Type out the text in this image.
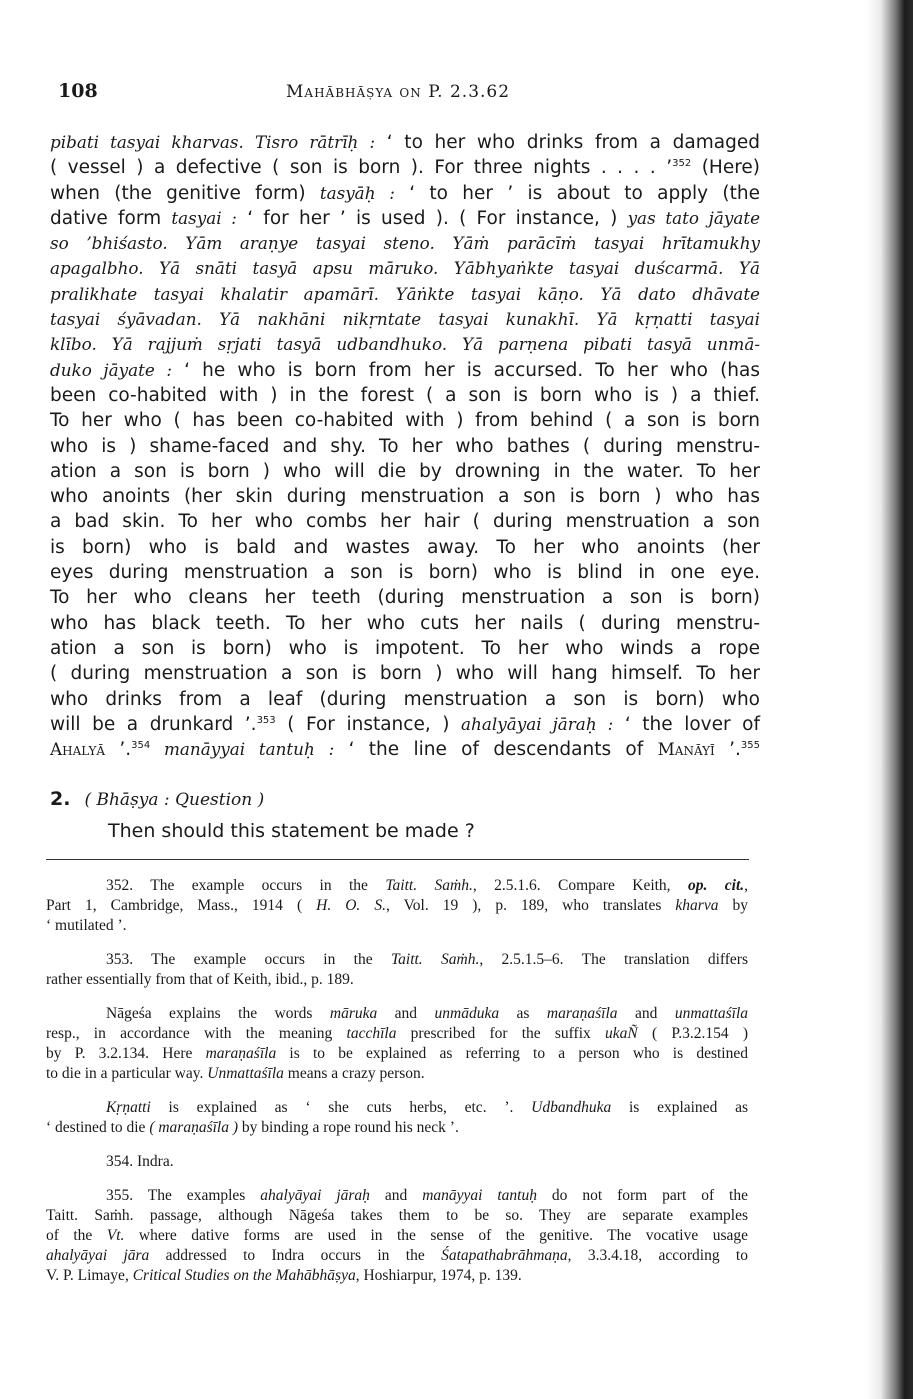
108	Mahābhāṣya on P. 2.3.62
pibati tasyai kharvas. Tisro rātrīḥ : ‘ to her who drinks from a damaged
( vessel ) a defective ( son is born ). For three nights . . . . ’$^{352}$ (Here)
when (the genitive form) tasyāḥ : ‘ to her ’ is about to apply (the
dative form tasyai : ‘ for her ’ is used ). ( For instance, ) yas tato jāyate
so ’bhiśasto. Yām araṇye tasyai steno. Yāṁ parācīṁ tasyai hrītamukhy
apagalbho. Yā snāti tasyā apsu māruko. Yābhyaṅkte tasyai duścarmā. Yā
pralikhate tasyai khalatir apamārī. Yāṅkte tasyai kāṇo. Yā dato dhāvate
tasyai śyāvadan. Yā nakhāni nikṛntate tasyai kunakhī. Yā kṛṇatti tasyai
klībo. Yā rajjuṁ sṛjati tasyā udbandhuko. Yā parṇena pibati tasyā unmā-
duko jāyate : ‘ he who is born from her is accursed. To her who (has
been co-habited with ) in the forest ( a son is born who is ) a thief.
To her who ( has been co-habited with ) from behind ( a son is born
who is ) shame-faced and shy. To her who bathes ( during menstru-
ation a son is born ) who will die by drowning in the water. To her
who anoints (her skin during menstruation a son is born ) who has
a bad skin. To her who combs her hair ( during menstruation a son
is born) who is bald and wastes away. To her who anoints (her
eyes during menstruation a son is born) who is blind in one eye.
To her who cleans her teeth (during menstruation a son is born)
who has black teeth. To her who cuts her nails ( during menstru-
ation a son is born) who is impotent. To her who winds a rope
( during menstruation a son is born ) who will hang himself. To her
who drinks from a leaf (during menstruation a son is born) who
will be a drunkard ’.$^{353}$ ( For instance, ) ahalyāyai jāraḥ : ‘ the lover of
Ahalyā ’.$^{354}$ manāyyai tantuḥ : ‘ the line of descendants of Manāyī ’.$^{355}$
2. ( Bhāṣya : Question )
Then should this statement be made ?
352. The example occurs in the Taitt. Saṁh., 2.5.1.6. Compare Keith, op. cit.,
Part 1, Cambridge, Mass., 1914 ( H. O. S., Vol. 19 ), p. 189, who translates kharva by
‘ mutilated ’.
353. The example occurs in the Taitt. Saṁh., 2.5.1.5–6. The translation differs
rather essentially from that of Keith, ibid., p. 189.
Nāgeśa explains the words māruka and unmāduka as maraṇaśīla and unmattaśīla
resp., in accordance with the meaning tacchīla prescribed for the suffix ukaÑ ( P.3.2.154 )
by P. 3.2.134. Here maraṇaśīla is to be explained as referring to a person who is destined
to die in a particular way. Unmattaśīla means a crazy person.
Kṛṇatti is explained as ‘ she cuts herbs, etc. ’. Udbandhuka is explained as
‘ destined to die ( maraṇaśīla ) by binding a rope round his neck ’.
354. Indra.
355. The examples ahalyāyai jāraḥ and manāyyai tantuḥ do not form part of the
Taitt. Saṁh. passage, although Nāgeśa takes them to be so. They are separate examples
of the Vt. where dative forms are used in the sense of the genitive. The vocative usage
ahalyāyai jāra addressed to Indra occurs in the Śatapathabrāhmaṇa, 3.3.4.18, according to
V. P. Limaye, Critical Studies on the Mahābhāṣya, Hoshiarpur, 1974, p. 139.
